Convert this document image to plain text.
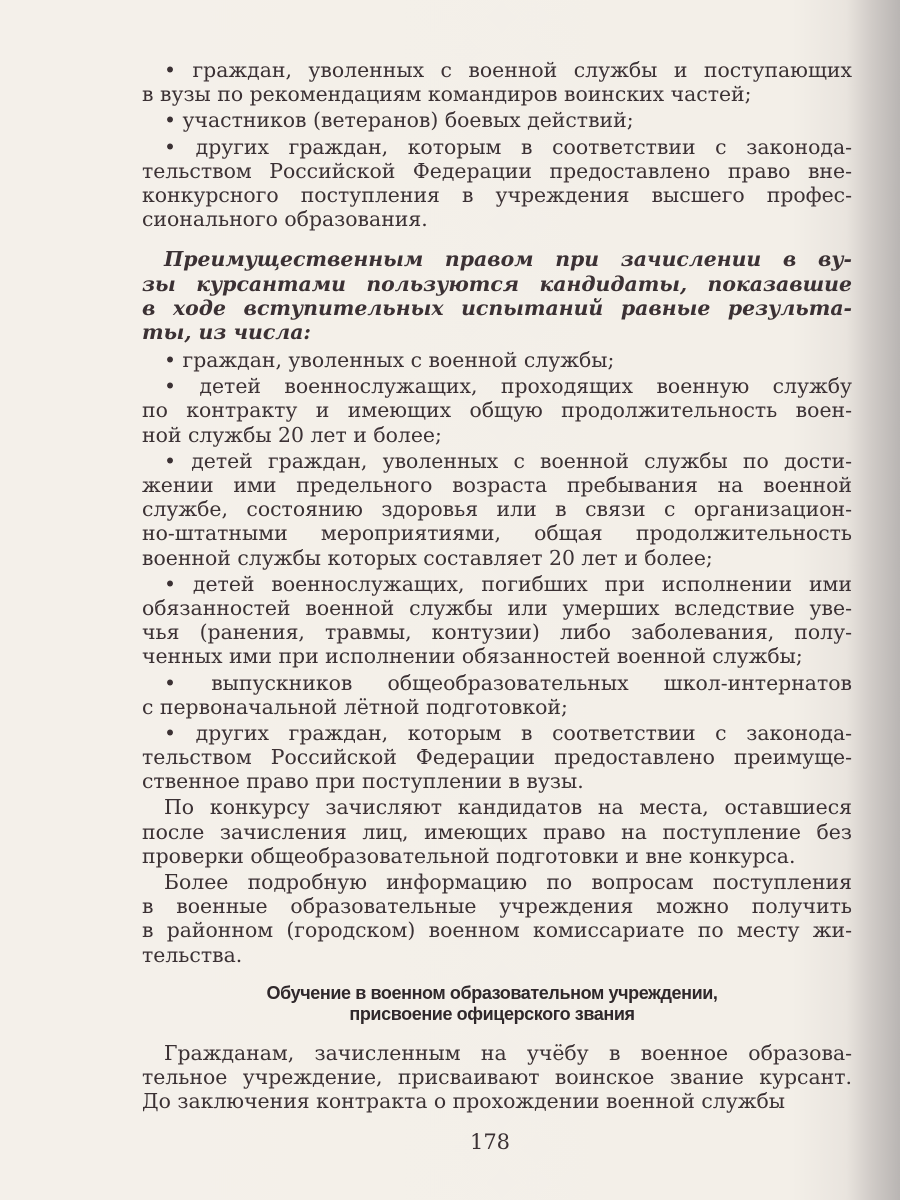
• граждан, уволенных с военной службы и поступающих
в вузы по рекомендациям командиров воинских частей;
• участников (ветеранов) боевых действий;
• других граждан, которым в соответствии с законода-
тельством Российской Федерации предоставлено право вне-
конкурсного поступления в учреждения высшего профес-
сионального образования.
Преимущественным правом при зачислении в ву-
зы курсантами пользуются кандидаты, показавшие
в ходе вступительных испытаний равные результа-
ты, из числа:
• граждан, уволенных с военной службы;
• детей военнослужащих, проходящих военную службу
по контракту и имеющих общую продолжительность воен-
ной службы 20 лет и более;
• детей граждан, уволенных с военной службы по дости-
жении ими предельного возраста пребывания на военной
службе, состоянию здоровья или в связи с организацион-
но-штатными мероприятиями, общая продолжительность
военной службы которых составляет 20 лет и более;
• детей военнослужащих, погибших при исполнении ими
обязанностей военной службы или умерших вследствие уве-
чья (ранения, травмы, контузии) либо заболевания, полу-
ченных ими при исполнении обязанностей военной службы;
• выпускников общеобразовательных школ-интернатов
с первоначальной лётной подготовкой;
• других граждан, которым в соответствии с законода-
тельством Российской Федерации предоставлено преимуще-
ственное право при поступлении в вузы.
По конкурсу зачисляют кандидатов на места, оставшиеся
после зачисления лиц, имеющих право на поступление без
проверки общеобразовательной подготовки и вне конкурса.
Более подробную информацию по вопросам поступления
в военные образовательные учреждения можно получить
в районном (городском) военном комиссариате по месту жи-
тельства.
Обучение в военном образовательном учреждении,
присвоение офицерского звания
Гражданам, зачисленным на учёбу в военное образова-
тельное учреждение, присваивают воинское звание курсант.
До заключения контракта о прохождении военной службы
178
